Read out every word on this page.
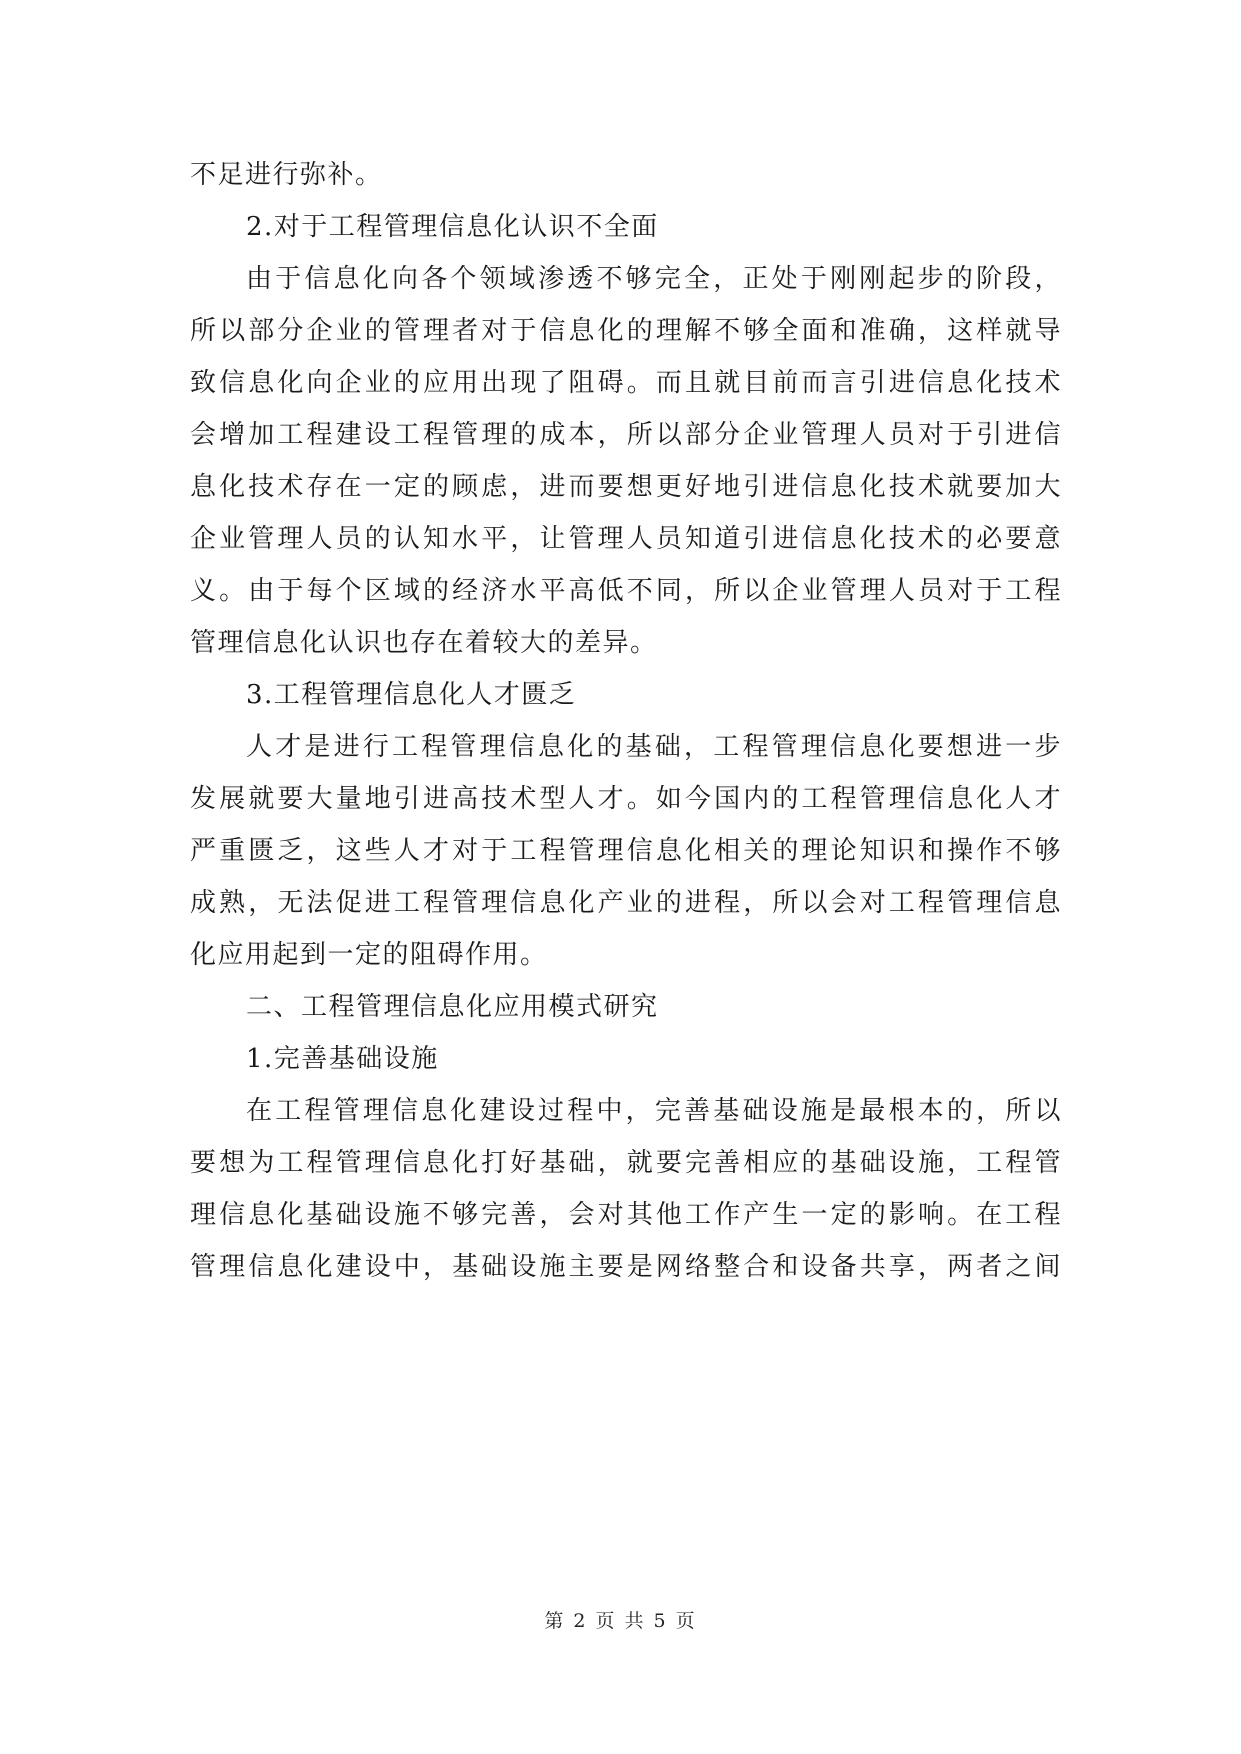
不足进行弥补。
2.对于工程管理信息化认识不全面
由于信息化向各个领域渗透不够完全，正处于刚刚起步的阶段，
所以部分企业的管理者对于信息化的理解不够全面和准确，这样就导
致信息化向企业的应用出现了阻碍。而且就目前而言引进信息化技术
会增加工程建设工程管理的成本，所以部分企业管理人员对于引进信
息化技术存在一定的顾虑，进而要想更好地引进信息化技术就要加大
企业管理人员的认知水平，让管理人员知道引进信息化技术的必要意
义。由于每个区域的经济水平高低不同，所以企业管理人员对于工程
管理信息化认识也存在着较大的差异。
3.工程管理信息化人才匮乏
人才是进行工程管理信息化的基础，工程管理信息化要想进一步
发展就要大量地引进高技术型人才。如今国内的工程管理信息化人才
严重匮乏，这些人才对于工程管理信息化相关的理论知识和操作不够
成熟，无法促进工程管理信息化产业的进程，所以会对工程管理信息
化应用起到一定的阻碍作用。
二、工程管理信息化应用模式研究
1.完善基础设施
在工程管理信息化建设过程中，完善基础设施是最根本的，所以
要想为工程管理信息化打好基础，就要完善相应的基础设施，工程管
理信息化基础设施不够完善，会对其他工作产生一定的影响。在工程
管理信息化建设中，基础设施主要是网络整合和设备共享，两者之间
第 2 页 共 5 页
